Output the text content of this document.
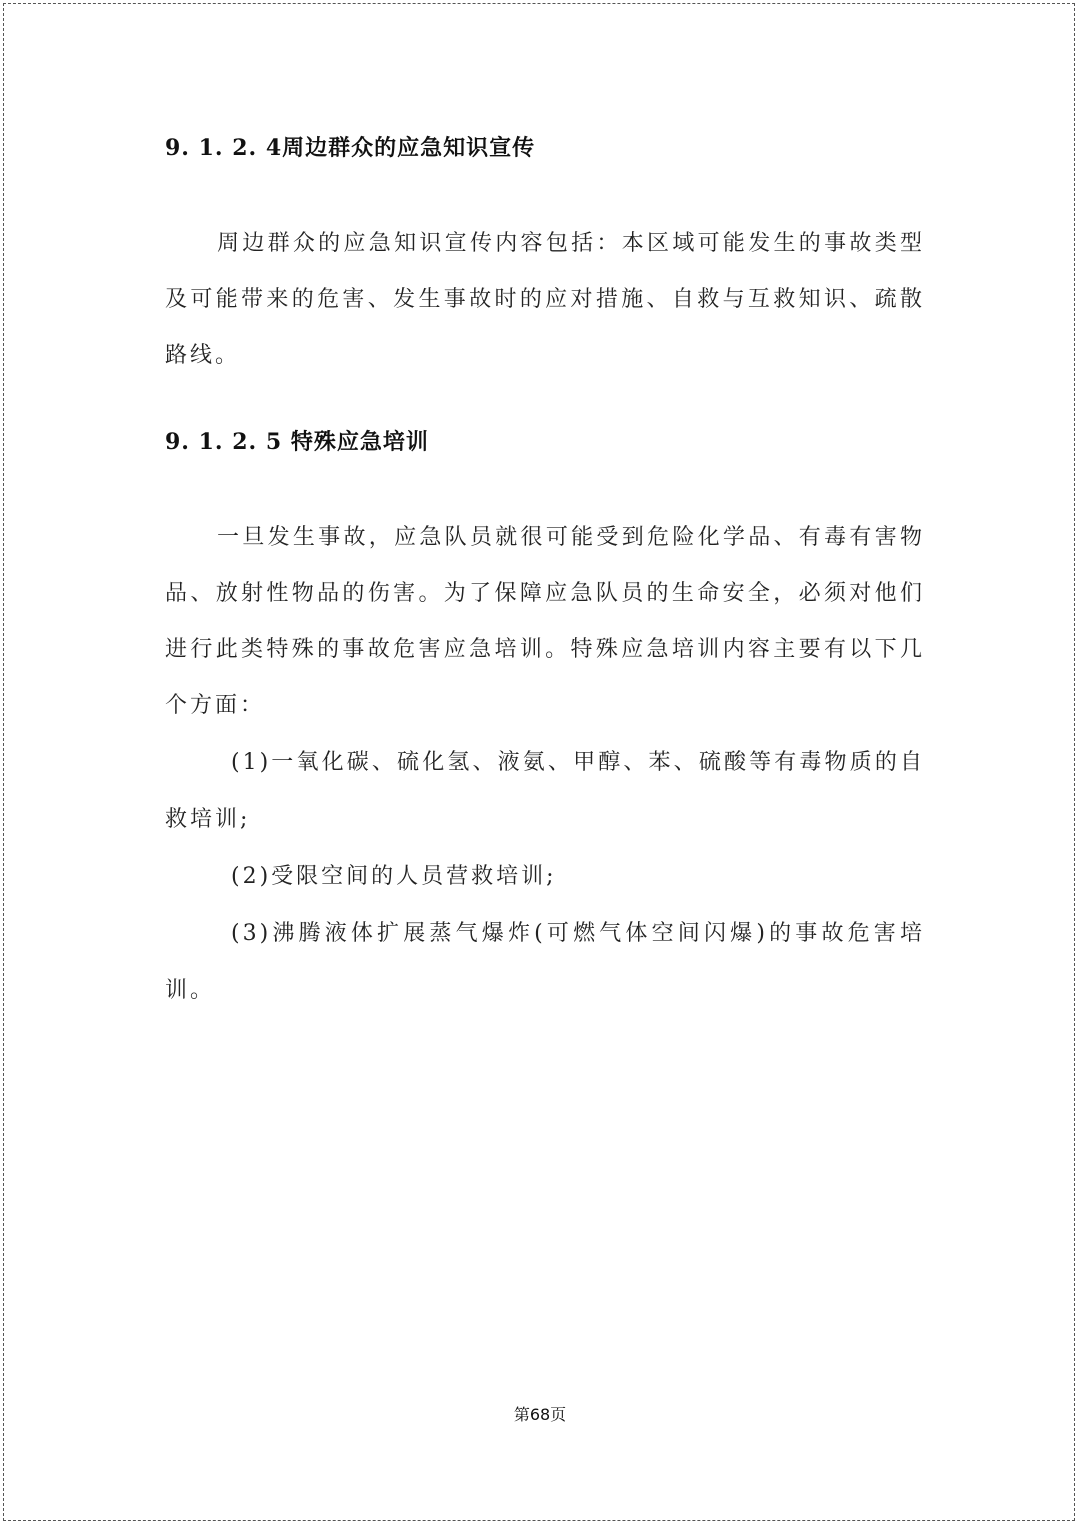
9. 1. 2. 4周边群众的应急知识宣传

周边群众的应急知识宣传内容包括：本区域可能发生的事故类型及可能带来的危害、发生事故时的应对措施、自救与互救知识、疏散路线。

9. 1. 2. 5 特殊应急培训

一旦发生事故，应急队员就很可能受到危险化学品、有毒有害物品、放射性物品的伤害。为了保障应急队员的生命安全，必须对他们进行此类特殊的事故危害应急培训。特殊应急培训内容主要有以下几个方面：

(1)一氧化碳、硫化氢、液氨、甲醇、苯、硫酸等有毒物质的自救培训;

(2)受限空间的人员营救培训;

(3)沸腾液体扩展蒸气爆炸(可燃气体空间闪爆)的事故危害培训。

第68页
